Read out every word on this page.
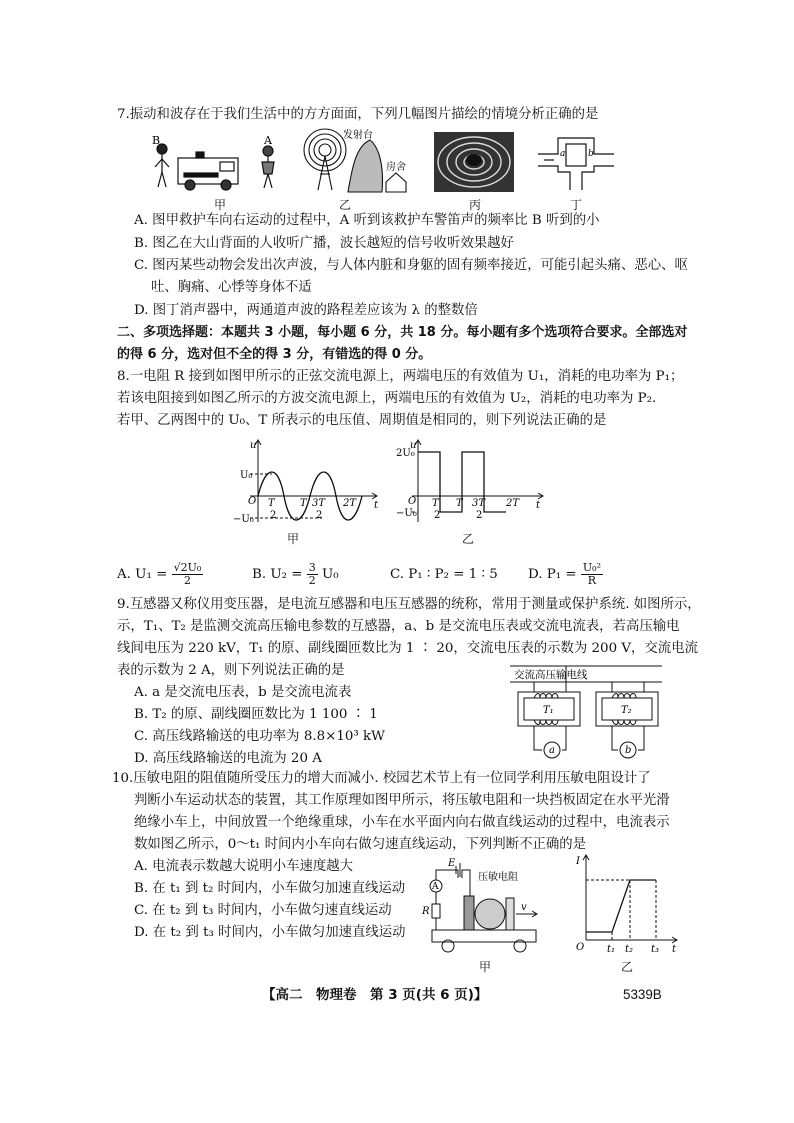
7.振动和波存在于我们生活中的方方面面，下列几幅图片描绘的情境分析正确的是
B	A
甲
发射台
房舍
乙	丙
a	b
丁
A. 图甲救护车向右运动的过程中，A 听到该救护车警笛声的频率比 B 听到的小
B. 图乙在大山背面的人收听广播，波长越短的信号收听效果越好
C. 图丙某些动物会发出次声波，与人体内脏和身躯的固有频率接近，可能引起头痛、恶心、呕
吐、胸痛、心悸等身体不适
D. 图丁消声器中，两通道声波的路程差应该为 λ 的整数倍
二、多项选择题：本题共 3 小题，每小题 6 分，共 18 分。每小题有多个选项符合要求。全部选对
的得 6 分，选对但不全的得 3 分，有错选的得 0 分。
8.一电阻 R 接到如图甲所示的正弦交流电源上，两端电压的有效值为 U₁，消耗的电功率为 P₁；
若该电阻接到如图乙所示的方波交流电源上，两端电压的有效值为 U₂，消耗的电功率为 P₂.
若甲、乙两图中的 U₀、T 所表示的电压值、周期值是相同的，则下列说法正确的是
u
U₀
O
−U₀
T
2
T 3T
2
2T t
甲
u
2U₀
O
−U₀
T
2
T 3T
2
2T t
乙
A. $U_1 = \frac{\text{√2U₀}}{2}$	B. $U_2 = \frac{3}{2} U_0$	C. P₁ ∶ P₂ = 1 ∶ 5 D. $P_1 = \frac{\text{U₀²}}{R}$
9.互感器又称仪用变压器，是电流互感器和电压互感器的统称，常用于测量或保护系统. 如图所示，
示，T₁、T₂ 是监测交流高压输电参数的互感器，a、b 是交流电压表或交流电流表，若高压输电
线间电压为 220 kV，T₁ 的原、副线圈匝数比为 1 ∶ 20，交流电压表的示数为 200 V，交流电流
表的示数为 2 A，则下列说法正确的是
A. a 是交流电压表，b 是交流电流表
B. T₂ 的原、副线圈匝数比为 1 100 ∶ 1
C. 高压线路输送的电功率为 8.8×10³ kW
D. 高压线路输送的电流为 20 A
交流高压输电线
T₁	T₂
a	b
10.压敏电阻的阻值随所受压力的增大而减小. 校园艺术节上有一位同学利用压敏电阻设计了
判断小车运动状态的装置，其工作原理如图甲所示，将压敏电阻和一块挡板固定在水平光滑
绝缘小车上，中间放置一个绝缘重球，小车在水平面内向右做直线运动的过程中，电流表示
数如图乙所示，0～t₁ 时间内小车向右做匀速直线运动，下列判断不正确的是
A. 电流表示数越大说明小车速度越大
B. 在 t₁ 到 t₂ 时间内，小车做匀加速直线运动
C. 在 t₂ 到 t₃ 时间内，小车做匀速直线运动
D. 在 t₂ 到 t₃ 时间内，小车做匀加速直线运动
E
A
R
压敏电阻
v
甲
I
O t₁ t₂ t₃ t
乙
【高二　物理卷　第 3 页(共 6 页)】	5339B
